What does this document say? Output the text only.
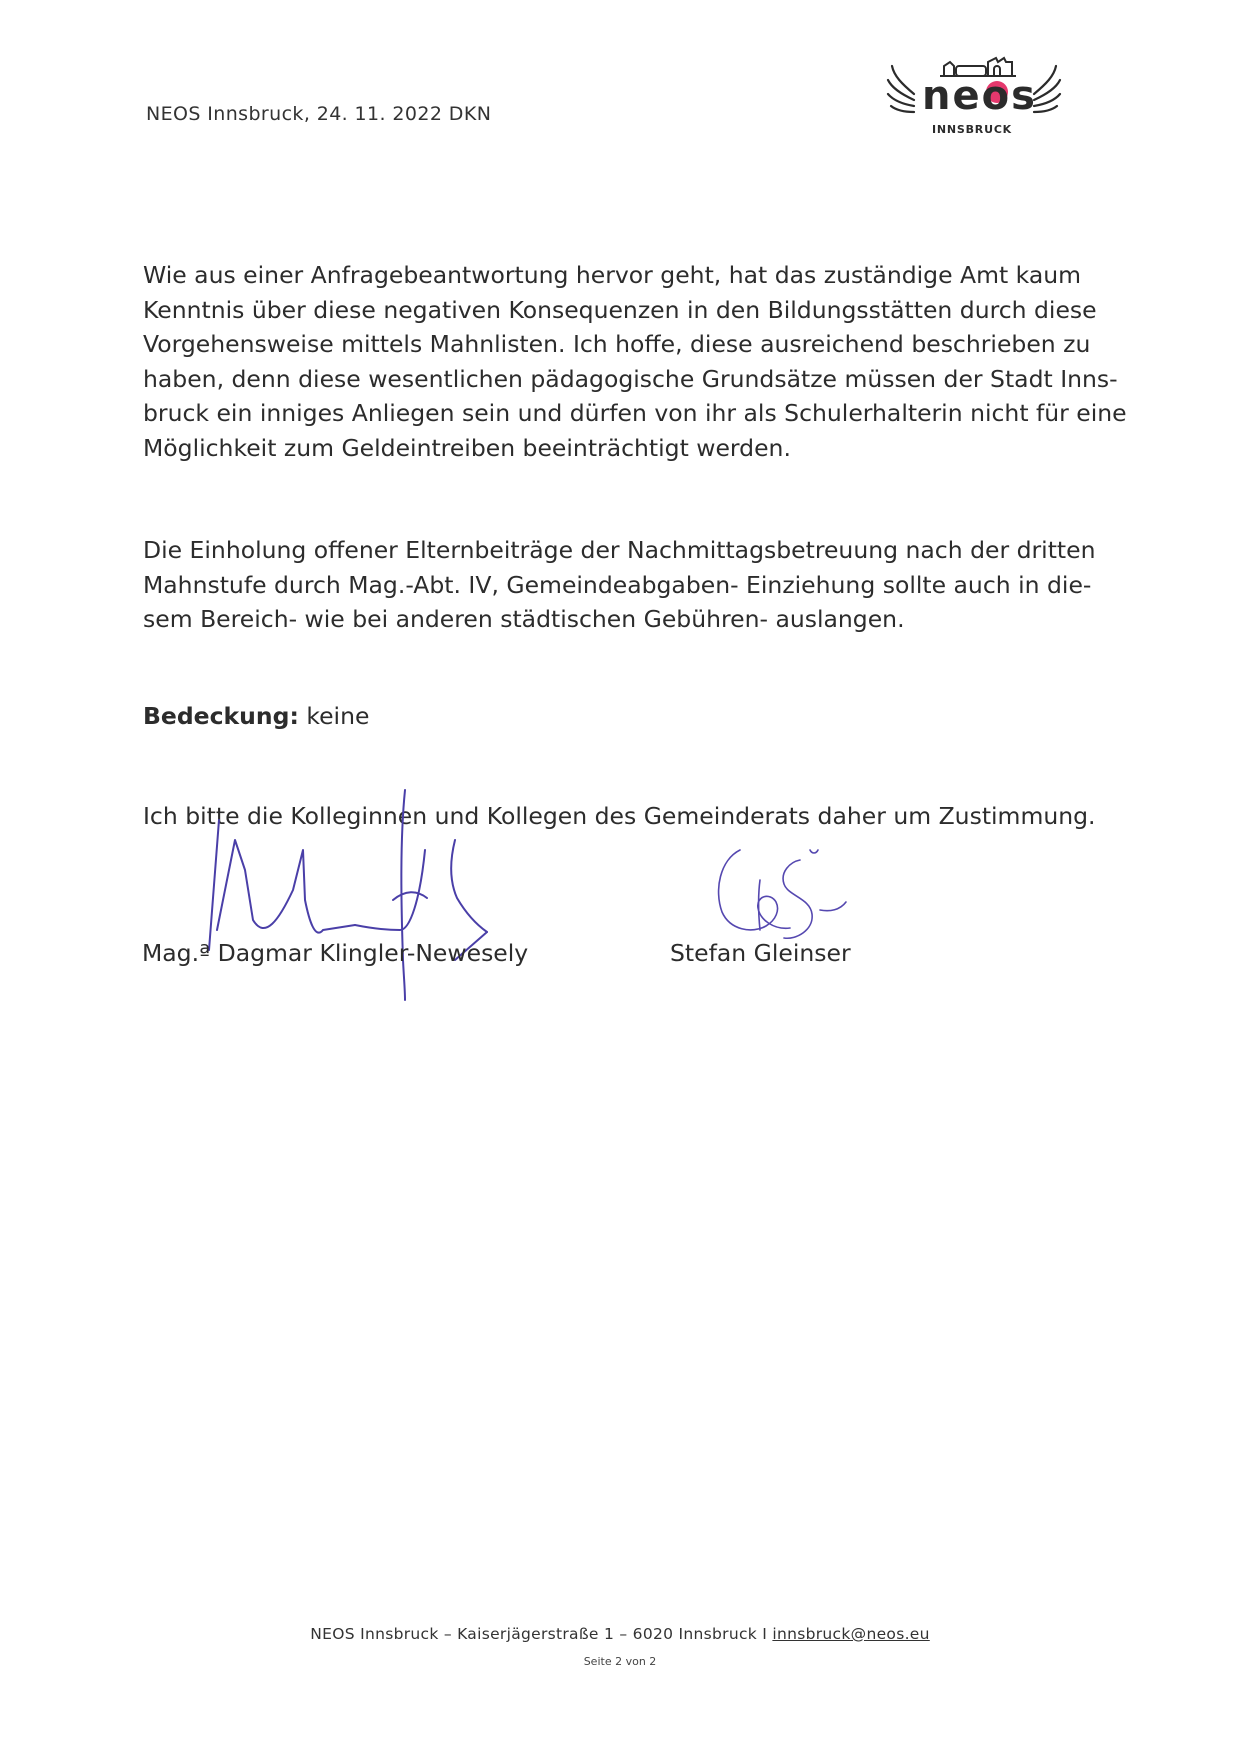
NEOS Innsbruck, 24. 11. 2022 DKN	neos
INNSBRUCK
Wie aus einer Anfragebeantwortung hervor geht, hat das zuständige Amt kaum
Kenntnis über diese negativen Konsequenzen in den Bildungsstätten durch diese
Vorgehensweise mittels Mahnlisten. Ich hoffe, diese ausreichend beschrieben zu
haben, denn diese wesentlichen pädagogische Grundsätze müssen der Stadt Inns-
bruck ein inniges Anliegen sein und dürfen von ihr als Schulerhalterin nicht für eine
Möglichkeit zum Geldeintreiben beeinträchtigt werden.
Die Einholung offener Elternbeiträge der Nachmittagsbetreuung nach der dritten
Mahnstufe durch Mag.-Abt. IV, Gemeindeabgaben- Einziehung sollte auch in die-
sem Bereich- wie bei anderen städtischen Gebühren- auslangen.
Bedeckung: keine
Ich bitte die Kolleginnen und Kollegen des Gemeinderats daher um Zustimmung.
Mag.ª Dagmar Klingler-Newesely	Stefan Gleinser
NEOS Innsbruck – Kaiserjägerstraße 1 – 6020 Innsbruck I innsbruck@neos.eu
Seite 2 von 2
